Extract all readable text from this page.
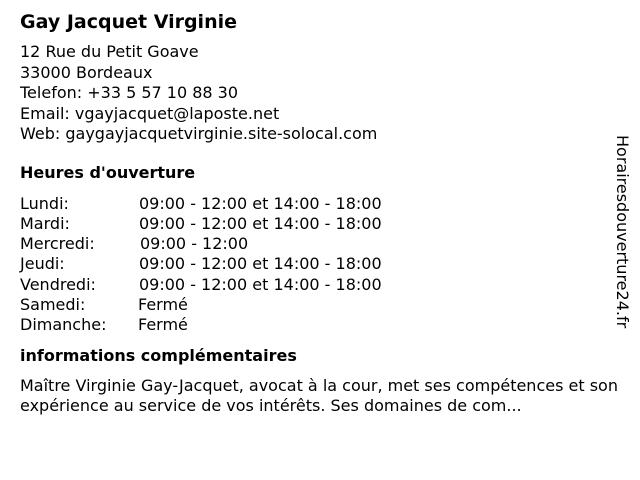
Gay Jacquet Virginie
12 Rue du Petit Goave
33000 Bordeaux
Telefon: +33 5 57 10 88 30
Email: vgayjacquet@laposte.net
Web: gaygayjacquetvirginie.site-solocal.com
Heures d'ouverture
Lundi:	09:00 - 12:00 et 14:00 - 18:00
Mardi:	09:00 - 12:00 et 14:00 - 18:00
Mercredi:	09:00 - 12:00
Jeudi:	09:00 - 12:00 et 14:00 - 18:00
Vendredi:	09:00 - 12:00 et 14:00 - 18:00
Samedi:	Fermé
Dimanche: Fermé
informations complémentaires
Maître Virginie Gay-Jacquet, avocat à la cour, met ses compétences et son expérience au service de vos intérêts. Ses domaines de com...
Horairesdouverture24.fr
